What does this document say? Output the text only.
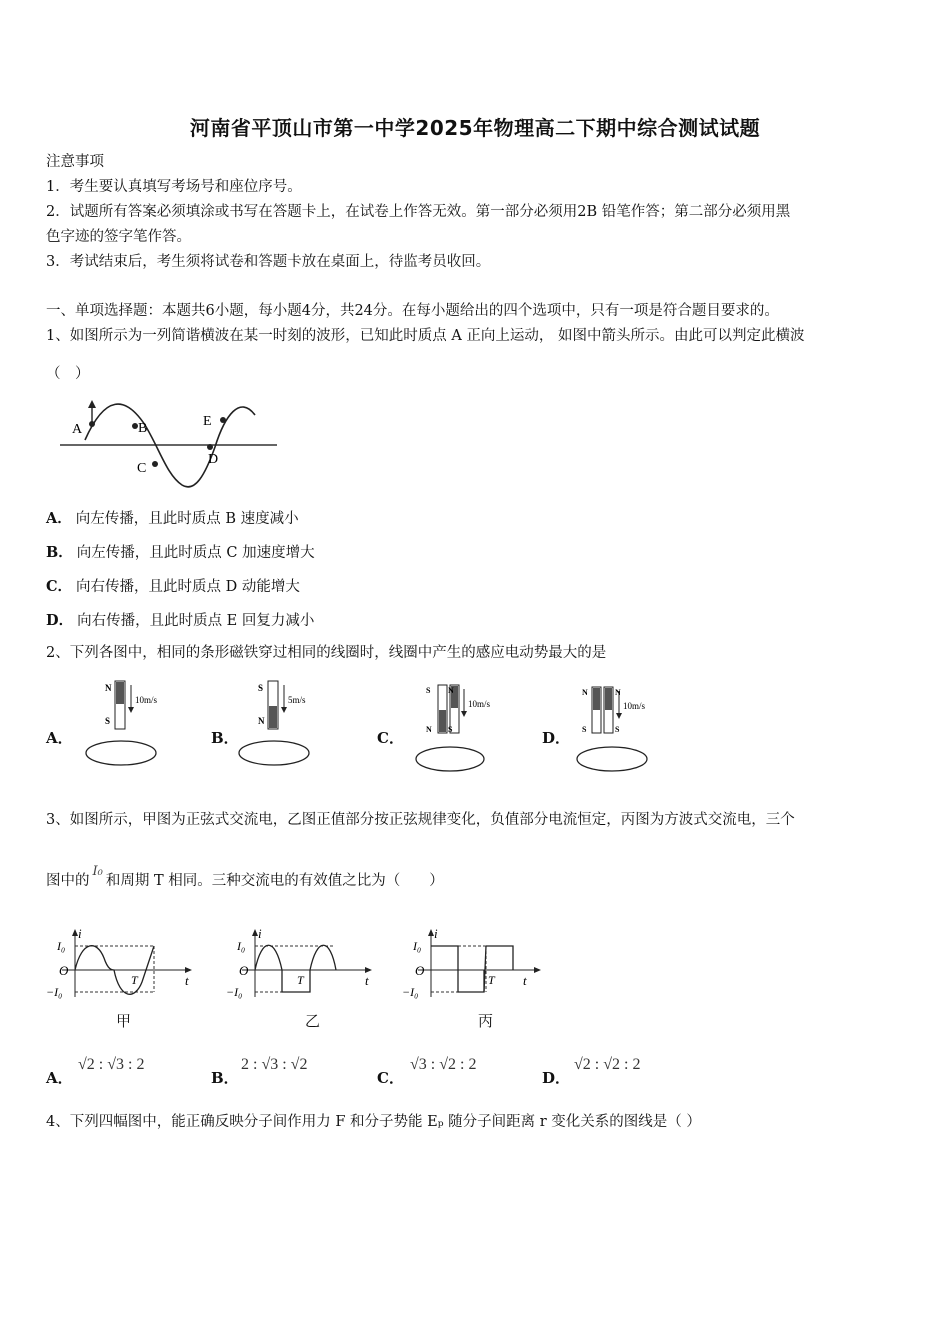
河南省平顶山市第一中学2025年物理高二下期中综合测试试题
注意事项
1．考生要认真填写考场号和座位序号。
2．试题所有答案必须填涂或书写在答题卡上，在试卷上作答无效。第一部分必须用2B 铅笔作答；第二部分必须用黑
色字迹的签字笔作答。
3．考试结束后，考生须将试卷和答题卡放在桌面上，待监考员收回。
一、单项选择题：本题共6小题，每小题4分，共24分。在每小题给出的四个选项中，只有一项是符合题目要求的。
1、如图所示为一列简谐横波在某一时刻的波形，已知此时质点 A 正向上运动， 如图中箭头所示。由此可以判定此横波
（　）
A	B
C
D
E
A． 向左传播，且此时质点 B 速度减小
B． 向左传播，且此时质点 C 加速度增大
C． 向右传播，且此时质点 D 动能增大
D． 向右传播，且此时质点 E 回复力减小
2、下列各图中，相同的条形磁铁穿过相同的线圈时，线圈中产生的感应电动势最大的是
A．
N
S
10m/s
B．
S
N
5m/s
C．
S
N
N
S
10m/s
D．
N
S
N
S
10m/s
3、如图所示，甲图为正弦式交流电，乙图正值部分按正弦规律变化，负值部分电流恒定，丙图为方波式交流电，三个
图中的I₀和周期 T 相同。三种交流电的有效值之比为（　　）
i
t
O
I₀
−I₀
T
甲
i
t
O
I₀
−I₀
T
乙
i
t
O
I₀
−I₀
T
丙
A．
√2 : √3 : 2
B．
2 : √3 : √2
C．
√3 : √2 : 2
D．
√2 : √2 : 2
4、下列四幅图中，能正确反映分子间作用力 F 和分子势能 Eₚ 随分子间距离 r 变化关系的图线是（ ）
